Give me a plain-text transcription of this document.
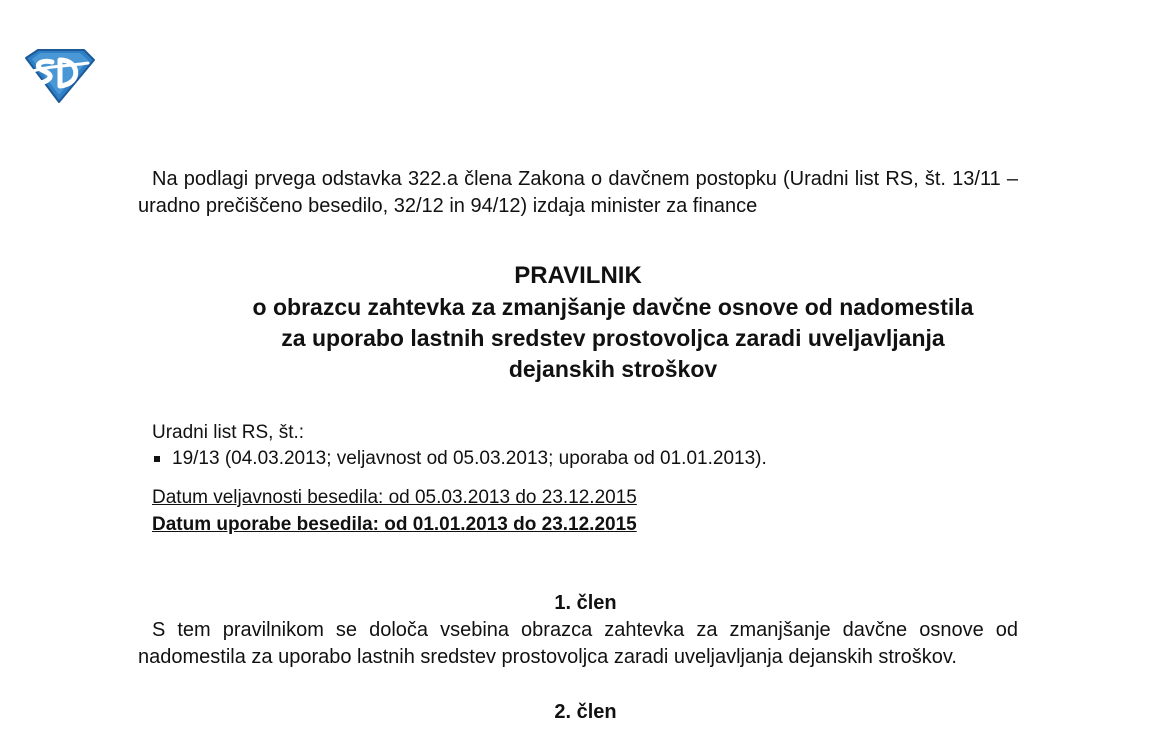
Na podlagi prvega odstavka 322.a člena Zakona o davčnem postopku (Uradni list RS, št. 13/11 – uradno prečiščeno besedilo, 32/12 in 94/12) izdaja minister za finance

PRAVILNIK
o obrazcu zahtevka za zmanjšanje davčne osnove od nadomestila
za uporabo lastnih sredstev prostovoljca zaradi uveljavljanja
dejanskih stroškov
Uradni list RS, št.:
19/13 (04.03.2013; veljavnost od 05.03.2013; uporaba od 01.01.2013).
Datum veljavnosti besedila: od 05.03.2013 do 23.12.2015
Datum uporabe besedila: od 01.01.2013 do 23.12.2015
1. člen

S tem pravilnikom se določa vsebina obrazca zahtevka za zmanjšanje davčne osnove od nadomestila za uporabo lastnih sredstev prostovoljca zaradi uveljavljanja dejanskih stroškov.

2. člen
